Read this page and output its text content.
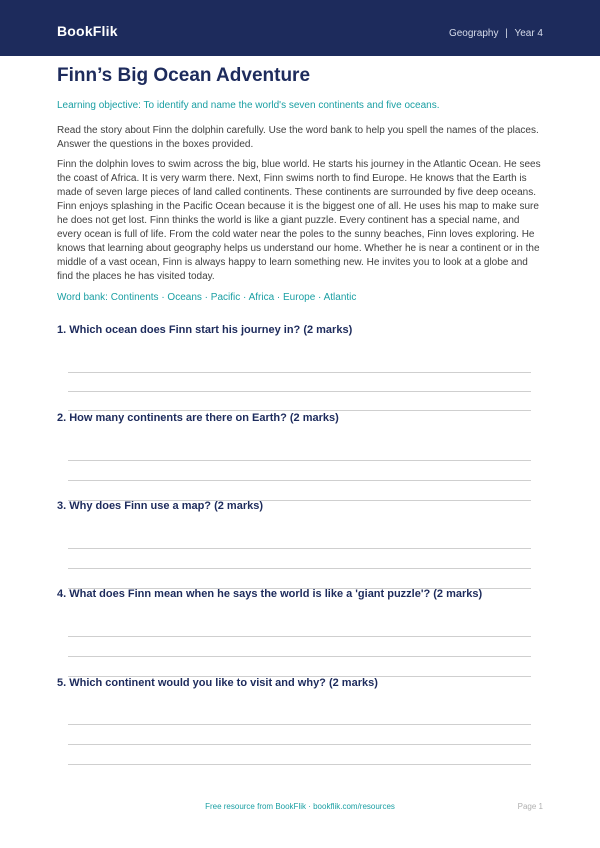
BookFlik	Geography | Year 4
Finn’s Big Ocean Adventure
Learning objective: To identify and name the world's seven continents and five oceans.
Read the story about Finn the dolphin carefully. Use the word bank to help you spell the names of the places. Answer the questions in the boxes provided.
Finn the dolphin loves to swim across the big, blue world. He starts his journey in the Atlantic Ocean. He sees the coast of Africa. It is very warm there. Next, Finn swims north to find Europe. He knows that the Earth is made of seven large pieces of land called continents. These continents are surrounded by five deep oceans. Finn enjoys splashing in the Pacific Ocean because it is the biggest one of all. He uses his map to make sure he does not get lost. Finn thinks the world is like a giant puzzle. Every continent has a special name, and every ocean is full of life. From the cold water near the poles to the sunny beaches, Finn loves exploring. He knows that learning about geography helps us understand our home. Whether he is near a continent or in the middle of a vast ocean, Finn is always happy to learn something new. He invites you to look at a globe and find the places he has visited today.
Word bank: Continents · Oceans · Pacific · Africa · Europe · Atlantic
1. Which ocean does Finn start his journey in? (2 marks)
2. How many continents are there on Earth? (2 marks)
3. Why does Finn use a map? (2 marks)
4. What does Finn mean when he says the world is like a 'giant puzzle'? (2 marks)
5. Which continent would you like to visit and why? (2 marks)
Free resource from BookFlik · bookflik.com/resources	Page 1
